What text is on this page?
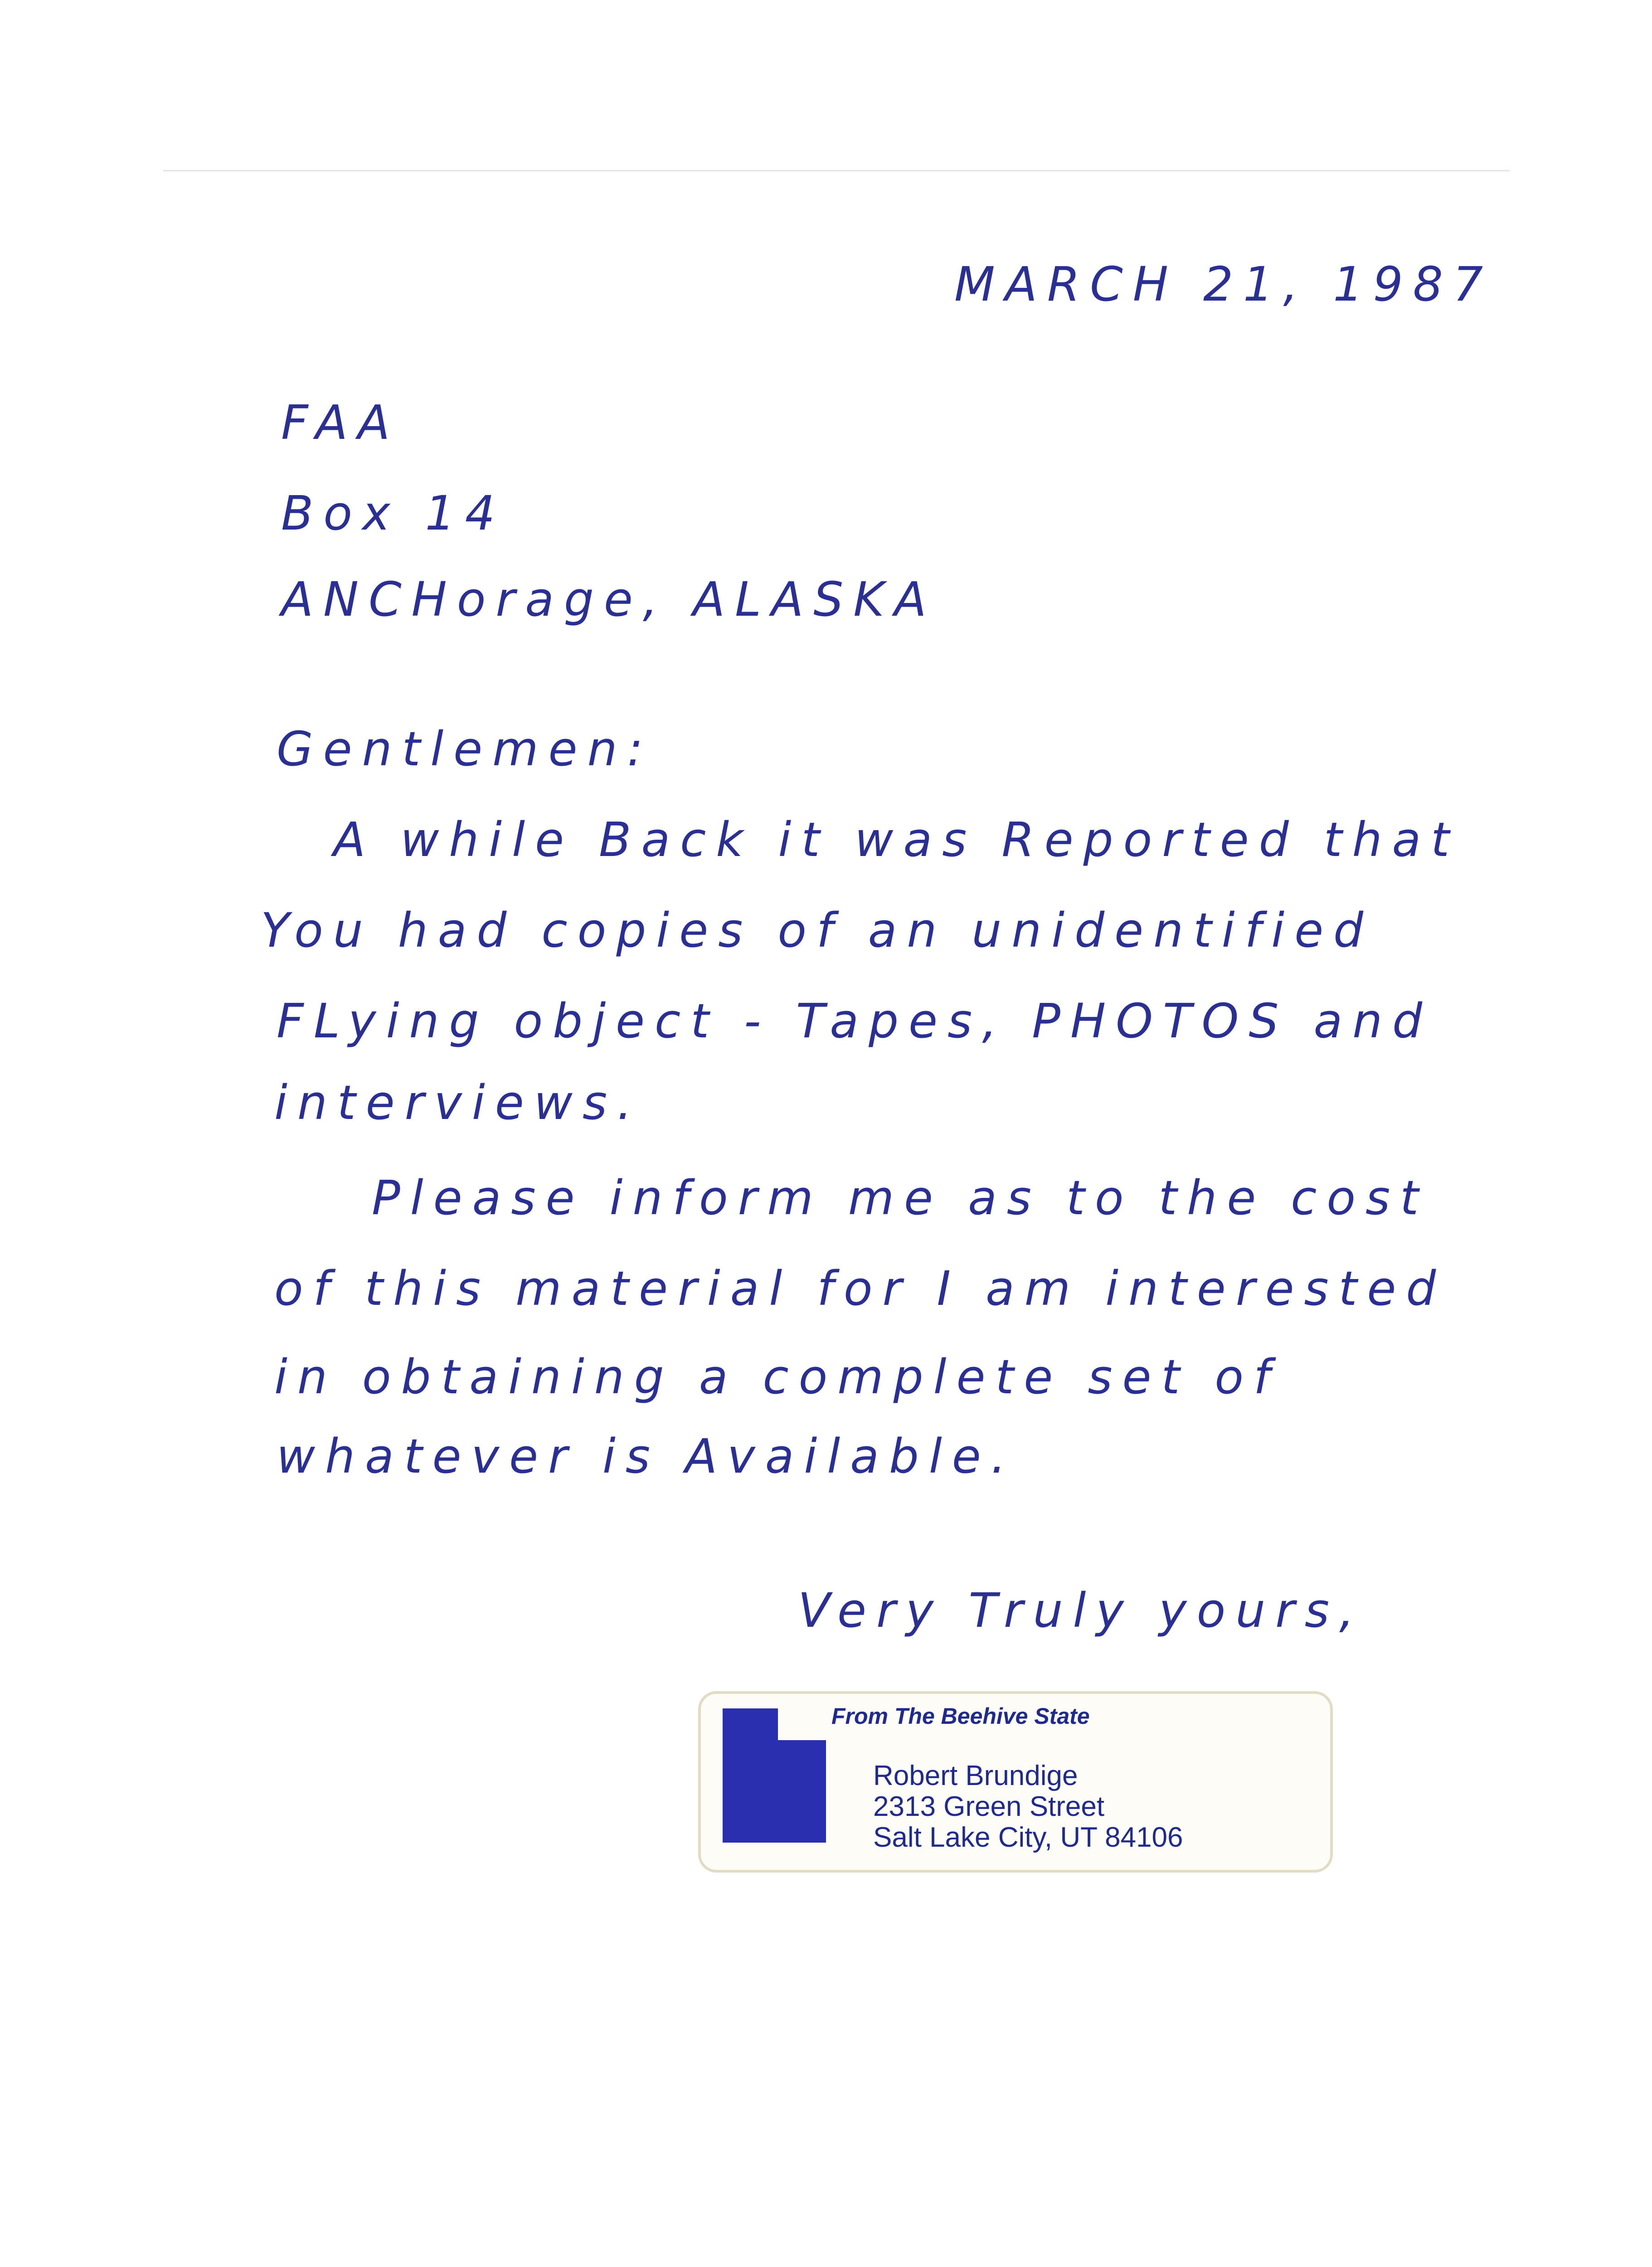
MARCH 21, 1987
FAA
Box 14
ANCHorage, ALASKA
Gentlemen:
A while Back it was Reported that
You had copies of an unidentified
FLying object - Tapes, PHOTOS and
interviews.
Please inform me as to the cost
of this material for I am interested
in obtaining a complete set of
whatever is Available.
Very Truly yours,
From The Beehive State
Robert Brundige
2313 Green Street
Salt Lake City, UT 84106
